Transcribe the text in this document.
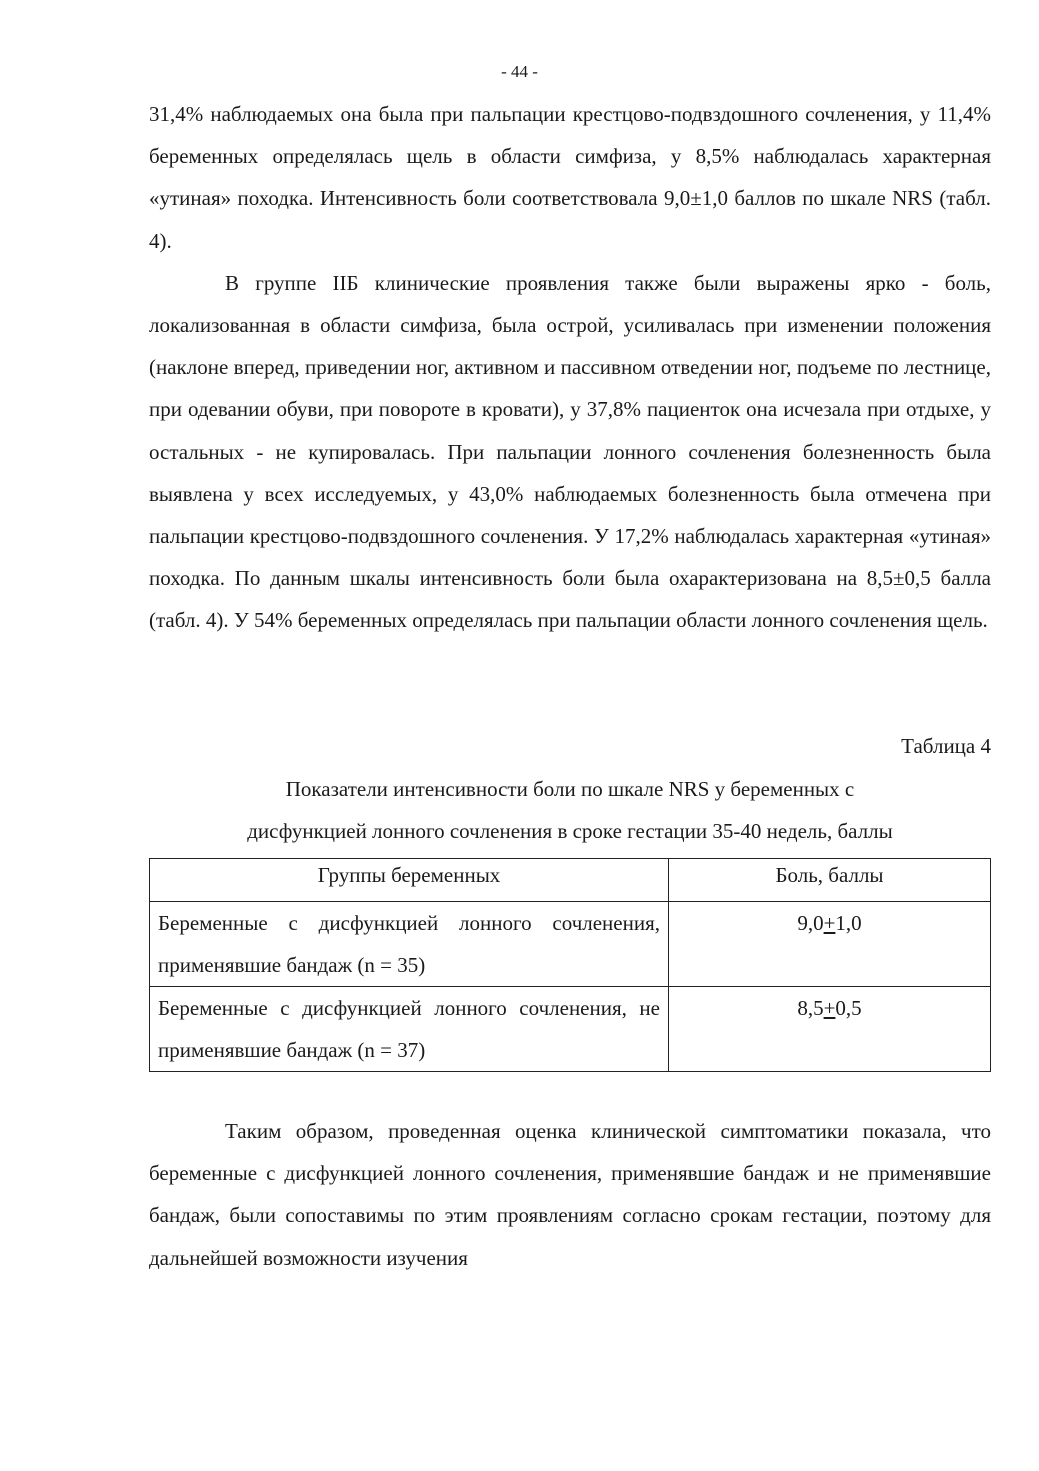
- 44 -

31,4% наблюдаемых она была при пальпации крестцово-подвздошного сочленения, у 11,4% беременных определялась щель в области симфиза, у 8,5% наблюдалась характерная «утиная» походка. Интенсивность боли соответствовала 9,0±1,0 баллов по шкале NRS (табл. 4).

В группе IIБ клинические проявления также были выражены ярко - боль, локализованная в области симфиза, была острой, усиливалась при изменении положения (наклоне вперед, приведении ног, активном и пассивном отведении ног, подъеме по лестнице, при одевании обуви, при повороте в кровати), у 37,8% пациенток она исчезала при отдыхе, у остальных - не купировалась. При пальпации лонного сочленения болезненность была выявлена у всех исследуемых, у 43,0% наблюдаемых болезненность была отмечена при пальпации крестцово-подвздошного сочленения. У 17,2% наблюдалась характерная «утиная» походка. По данным шкалы интенсивность боли была охарактеризована на 8,5±0,5 балла (табл. 4). У 54% беременных определялась при пальпации области лонного сочленения щель.

Таблица 4
Показатели интенсивности боли по шкале NRS у беременных с
дисфункцией лонного сочленения в сроке гестации 35-40 недель, баллы
Группы беременных	Боль, баллы
Беременные с дисфункцией лонного сочленения, применявшие бандаж (n = 35)	9,0+1,0
Беременные с дисфункцией лонного сочленения, не применявшие бандаж (n = 37)	8,5+0,5

Таким образом, проведенная оценка клинической симптоматики показала, что беременные с дисфункцией лонного сочленения, применявшие бандаж и не применявшие бандаж, были сопоставимы по этим проявлениям согласно срокам гестации, поэтому для дальнейшей возможности изучения
